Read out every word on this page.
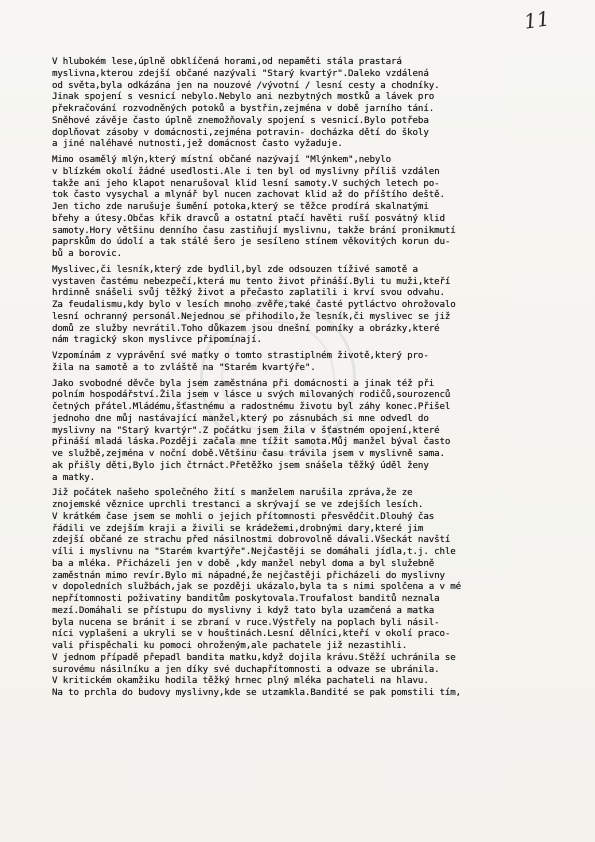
11
V hlubokém lese,úplně obklíčená horami,od nepaměti stála prastará
myslivna,kterou zdejší občané nazývali "Starý kvartýr".Daleko vzdálená
od světa,byla odkázána jen na nouzové /vývotní / lesní cesty a chodníky.
Jinak spojení s vesnicí nebylo.Nebylo ani nezbytných mostků a lávek pro
překračování rozvodněných potoků a bystřin,zejména v době jarního tání.
Sněhové závěje často úplně znemožňovaly spojení s vesnicí.Bylo potřeba
doplňovat zásoby v domácnosti,zejména potravin- docházka dětí do školy
a jiné naléhavé nutnosti,jež domácnost často vyžaduje.
Mimo osamělý mlýn,který místní občané nazývají "Mlýnkem",nebylo
v blízkém okolí žádné usedlosti.Ale i ten byl od myslivny příliš vzdálen
takže ani jeho klapot nenarušoval klid lesní samoty.V suchých letech po-
tok často vysychal a mlynář byl nucen zachovat klid až do příštího deště.
Jen ticho zde narušuje šumění potoka,který se těžce prodírá skalnatými
břehy a útesy.Občas křik dravců a ostatní ptačí havěti ruší posvátný klid
samoty.Hory většinu denního času zastiňují myslivnu, takže brání pronikmutí
paprskům do údolí a tak stálé šero je sesíleno stínem věkovitých korun du-
bů a borovic.
Myslivec,či lesník,který zde bydlil,byl zde odsouzen tíživé samotě a
vystaven častému nebezpečí,která mu tento život přináší.Byli tu muži,kteří
hrdinně snášeli svůj těžký život a přečasto zaplatili i krví svou odvahu.
Za feudalismu,kdy bylo v lesích mnoho zvěře,také časté pytláctvo ohrožovalo
lesní ochranný personál.Nejednou se přihodilo,že lesník,či myslivec se již
domů ze služby nevrátil.Toho důkazem jsou dnešní pomníky a obrázky,které
nám tragický skon myslivce připomínají.
Vzpomínám z vyprávění své matky o tomto strastiplném životě,který pro-
žila na samotě a to zvláště na "Starém kvartýře".
Jako svobodné děvče byla jsem zaměstnána při domácnosti a jinak též při
polním hospodářství.Žila jsem v lásce u svých milovaných rodičů,sourozenců
četných přátel.Mládému,šťastnému a radostnému životu byl záhy konec.Přišel
jednoho dne můj nastávající manžel,který po zásnubách si mne odvedl do
myslivny na "Starý kvartýr".Z počátku jsem žila v šťastném opojení,které
přináší mladá láska.Později začala mne tížit samota.Můj manžel býval často
ve službě,zejména v noční době.Většinu času trávila jsem v myslivně sama.
ak přišly děti,Bylo jich čtrnáct.Přetěžko jsem snášela těžký úděl ženy
a matky.
Již počátek našeho společného žití s manželem narušila zpráva,že ze
znojemské věznice uprchli trestanci a skrývají se ve zdejších lesích.
V krátkém čase jsem se mohli o jejich přítomnosti přesvědčit.Dlouhý čas
řádili ve zdejším kraji a živili se krádežemi,drobnými dary,které jim
zdejší občané ze strachu před násilnostmi dobrovolně dávali.Všeckát navští
víli i myslivnu na "Starém kvartýře".Nejčastěji se domáhali jídla,t.j. chle
ba a mléka. Přicházeli jen v době ,kdy manžel nebyl doma a byl služebně
zaměstnán mimo revír.Bylo mi nápadné,že nejčastěji přicházeli do myslivny
v dopoledních službách,jak se později ukázalo,byla ta s nimi spolčena a v mé
nepřítomnosti poživatiny banditům poskytovala.Troufalost banditů neznala
mezí.Domáhali se přístupu do myslivny i když tato byla uzamčená a matka
byla nucena se bránit i se zbraní v ruce.Výstřely na poplach byli násil-
níci vyplašeni a ukryli se v houštinách.Lesní dělníci,kteří v okolí praco-
vali přispěchali ku pomoci ohroženým,ale pachatele již nezastihli.
V jednom případě přepadl bandita matku,když dojila krávu.Stěží uchránila se
surovému násilníku a jen díky své duchapřítomnosti a odvaze se ubránila.
V kritickém okamžiku hodila těžký hrnec plný mléka pachateli na hlavu.
Na to prchla do budovy myslivny,kde se utzamkla.Bandité se pak pomstili tím,
